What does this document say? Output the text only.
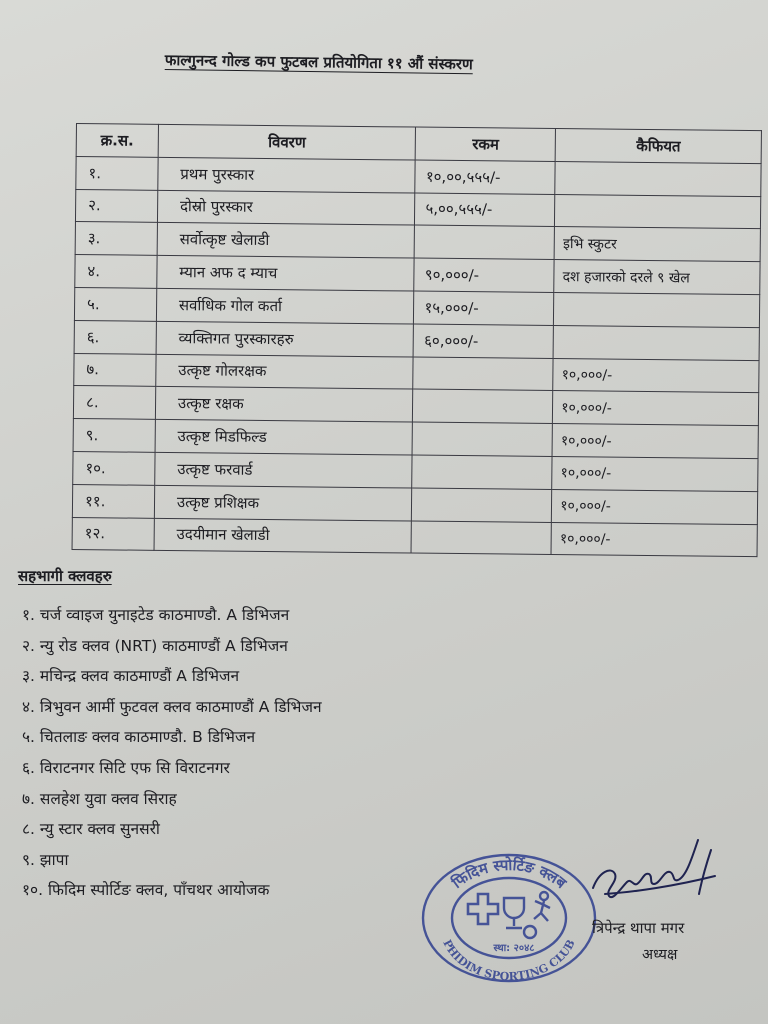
फाल्गुनन्द गोल्ड कप फुटबल प्रतियोगिता ११ औं संस्करण
क्र.स.	विवरण	रकम	कैफियत
१.	प्रथम पुरस्कार	१०,००,५५५/-	
२.	दोस्रो पुरस्कार	५,००,५५५/-	
३.	सर्वोत्कृष्ट खेलाडी		इभि स्कुटर
४.	म्यान अफ द म्याच	९०,०००/-	दश हजारको दरले ९ खेल
५.	सर्वाधिक गोल कर्ता	१५,०००/-	
६.	व्यक्तिगत पुरस्कारहरु	६०,०००/-	
७.	उत्कृष्ट गोलरक्षक		१०,०००/-
८.	उत्कृष्ट रक्षक		१०,०००/-
९.	उत्कृष्ट मिडफिल्ड		१०,०००/-
१०.	उत्कृष्ट फरवार्ड		१०,०००/-
११.	उत्कृष्ट प्रशिक्षक		१०,०००/-
१२.	उदयीमान खेलाडी		१०,०००/-
सहभागी क्लवहरु
१. चर्ज व्वाइज युनाइटेड काठमाण्डौ. A डिभिजन
२. न्यु रोड क्लव (NRT) काठमाण्डौं A डिभिजन
३. मचिन्द्र क्लव काठमाण्डौं A डिभिजन
४. त्रिभुवन आर्मी फुटवल क्लव काठमाण्डौं A डिभिजन
५. चितलाङ क्लव काठमाण्डौ. B डिभिजन
६. विराटनगर सिटि एफ सि विराटनगर
७. सलहेश युवा क्लव सिराह
८. न्यु स्टार क्लव सुनसरी
९. झापा
१०. फिदिम स्पोर्टिङ क्लव, पाँचथर आयोजक	फिदिम स्पोर्टिङ क्लब
PHIDIM SPORTING CLUB
स्था: २०४८
त्रिपेन्द्र थापा मगर
अध्यक्ष
